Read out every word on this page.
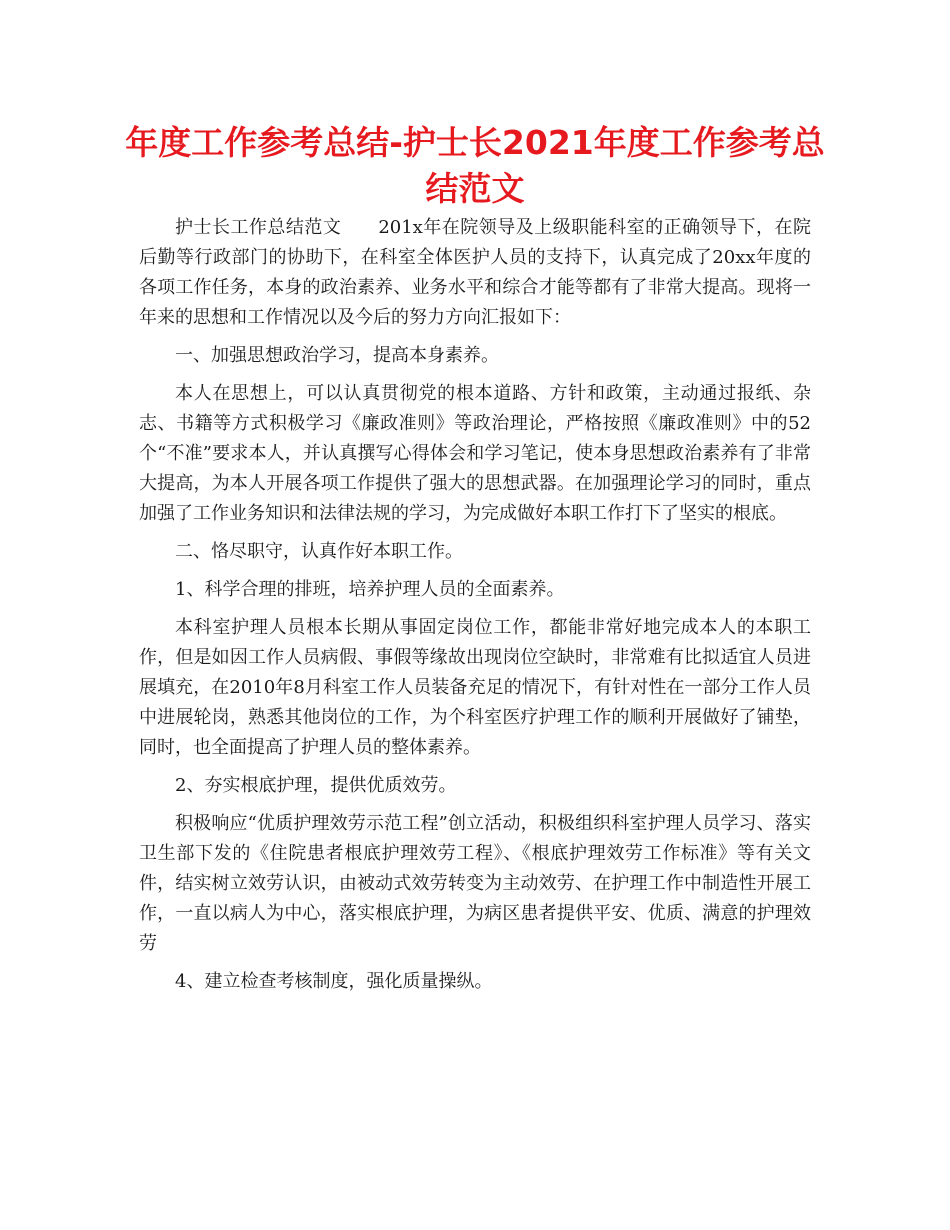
年度工作参考总结-护士长2021年度工作参考总结范文

护士长工作总结范文　　201x年在院领导及上级职能科室的正确领导下，在院后勤等行政部门的协助下，在科室全体医护人员的支持下，认真完成了20xx年度的各项工作任务，本身的政治素养、业务水平和综合才能等都有了非常大提高。现将一年来的思想和工作情况以及今后的努力方向汇报如下：

一、加强思想政治学习，提高本身素养。

本人在思想上，可以认真贯彻党的根本道路、方针和政策，主动通过报纸、杂志、书籍等方式积极学习《廉政准则》等政治理论，严格按照《廉政准则》中的52个“不准”要求本人，并认真撰写心得体会和学习笔记，使本身思想政治素养有了非常大提高，为本人开展各项工作提供了强大的思想武器。在加强理论学习的同时，重点加强了工作业务知识和法律法规的学习，为完成做好本职工作打下了坚实的根底。

二、恪尽职守，认真作好本职工作。

1、科学合理的排班，培养护理人员的全面素养。

本科室护理人员根本长期从事固定岗位工作，都能非常好地完成本人的本职工作，但是如因工作人员病假、事假等缘故出现岗位空缺时，非常难有比拟适宜人员进展填充，在2010年8月科室工作人员装备充足的情况下，有针对性在一部分工作人员中进展轮岗，熟悉其他岗位的工作，为个科室医疗护理工作的顺利开展做好了铺垫，同时，也全面提高了护理人员的整体素养。

2、夯实根底护理，提供优质效劳。

积极响应“优质护理效劳示范工程”创立活动，积极组织科室护理人员学习、落实卫生部下发的《住院患者根底护理效劳工程》、《根底护理效劳工作标准》等有关文件，结实树立效劳认识，由被动式效劳转变为主动效劳、在护理工作中制造性开展工作，一直以病人为中心，落实根底护理，为病区患者提供平安、优质、满意的护理效劳

4、建立检查考核制度，强化质量操纵。
